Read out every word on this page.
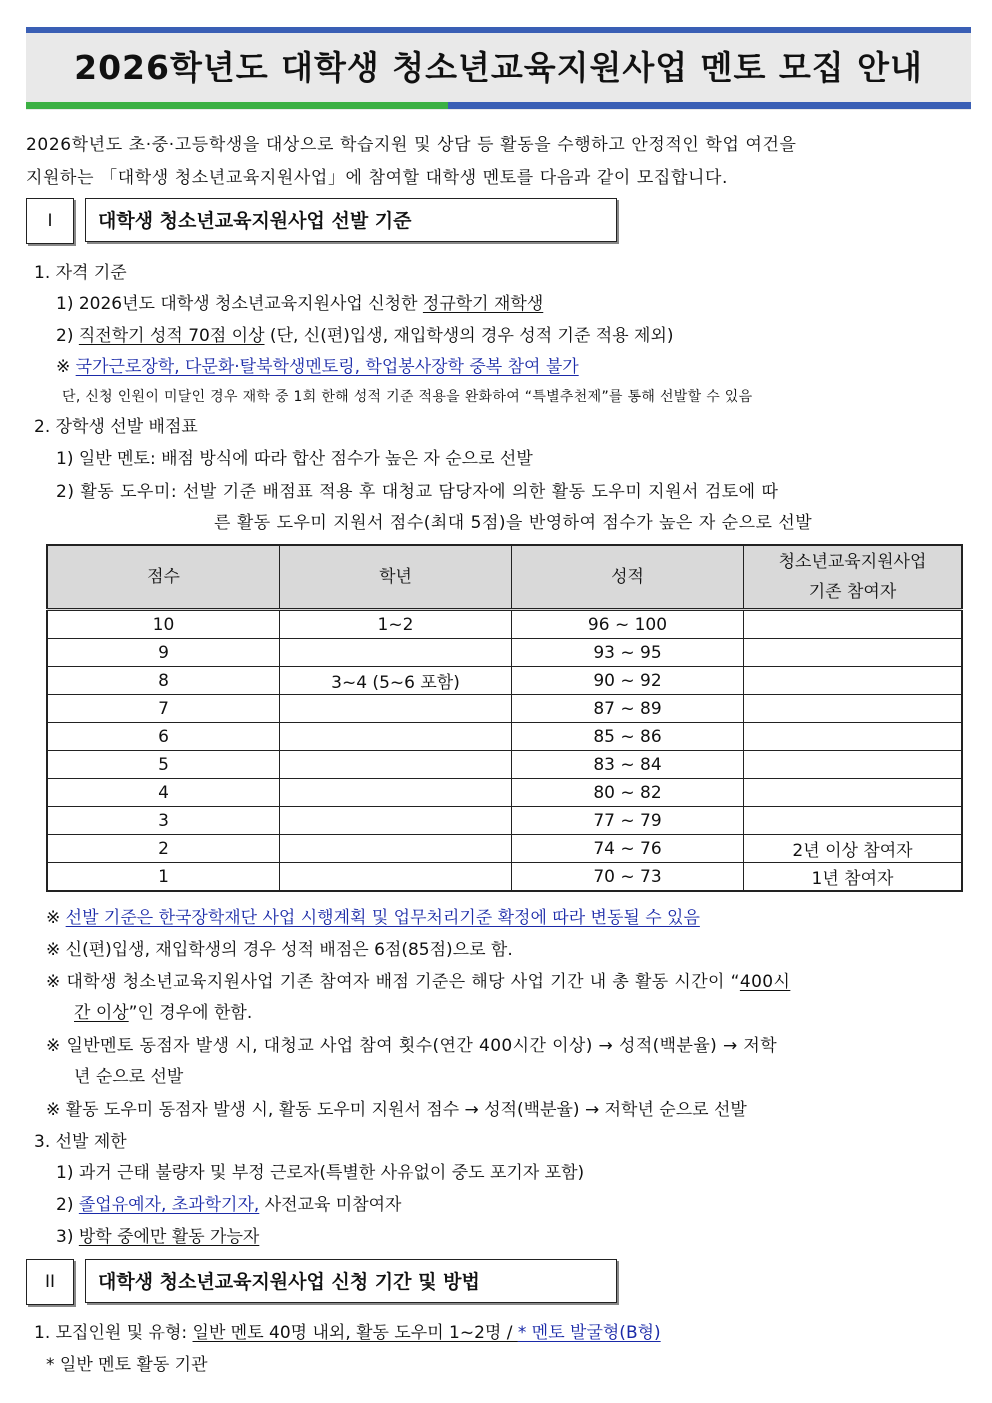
2026학년도 대학생 청소년교육지원사업 멘토 모집 안내
2026학년도 초·중·고등학생을 대상으로 학습지원 및 상담 등 활동을 수행하고 안정적인 학업 여건을
지원하는 「대학생 청소년교육지원사업」에 참여할 대학생 멘토를 다음과 같이 모집합니다.
I	대학생 청소년교육지원사업 선발 기준
1. 자격 기준
1) 2026년도 대학생 청소년교육지원사업 신청한 정규학기 재학생
2) 직전학기 성적 70점 이상 (단, 신(편)입생, 재입학생의 경우 성적 기준 적용 제외)
※ 국가근로장학, 다문화·탈북학생멘토링, 학업봉사장학 중복 참여 불가
단, 신청 인원이 미달인 경우 재학 중 1회 한해 성적 기준 적용을 완화하여 “특별추천제”를 통해 선발할 수 있음
2. 장학생 선발 배점표
1) 일반 멘토: 배점 방식에 따라 합산 점수가 높은 자 순으로 선발
2) 활동 도우미: 선발 기준 배점표 적용 후 대청교 담당자에 의한 활동 도우미 지원서 검토에 따
른 활동 도우미 지원서 점수(최대 5점)을 반영하여 점수가 높은 자 순으로 선발
점수	학년	성적	청소년교육지원사업
기존 참여자
10	1~2	96 ~ 100	
9		93 ~ 95	
8	3~4 (5~6 포함)	90 ~ 92	
7		87 ~ 89	
6		85 ~ 86	
5		83 ~ 84	
4		80 ~ 82	
3		77 ~ 79	
2		74 ~ 76	2년 이상 참여자
1		70 ~ 73	1년 참여자
※ 선발 기준은 한국장학재단 사업 시행계획 및 업무처리기준 확정에 따라 변동될 수 있음
※ 신(편)입생, 재입학생의 경우 성적 배점은 6점(85점)으로 함.
※ 대학생 청소년교육지원사업 기존 참여자 배점 기준은 해당 사업 기간 내 총 활동 시간이 “400시
간 이상”인 경우에 한함.
※ 일반멘토 동점자 발생 시, 대청교 사업 참여 횟수(연간 400시간 이상) → 성적(백분율) → 저학
년 순으로 선발
※ 활동 도우미 동점자 발생 시, 활동 도우미 지원서 점수 → 성적(백분율) → 저학년 순으로 선발
3. 선발 제한
1) 과거 근태 불량자 및 부정 근로자(특별한 사유없이 중도 포기자 포함)
2) 졸업유예자, 초과학기자, 사전교육 미참여자
3) 방학 중에만 활동 가능자
II	대학생 청소년교육지원사업 신청 기간 및 방법
1. 모집인원 및 유형: 일반 멘토 40명 내외, 활동 도우미 1~2명 / * 멘토 발굴형(B형)
* 일반 멘토 활동 기관
